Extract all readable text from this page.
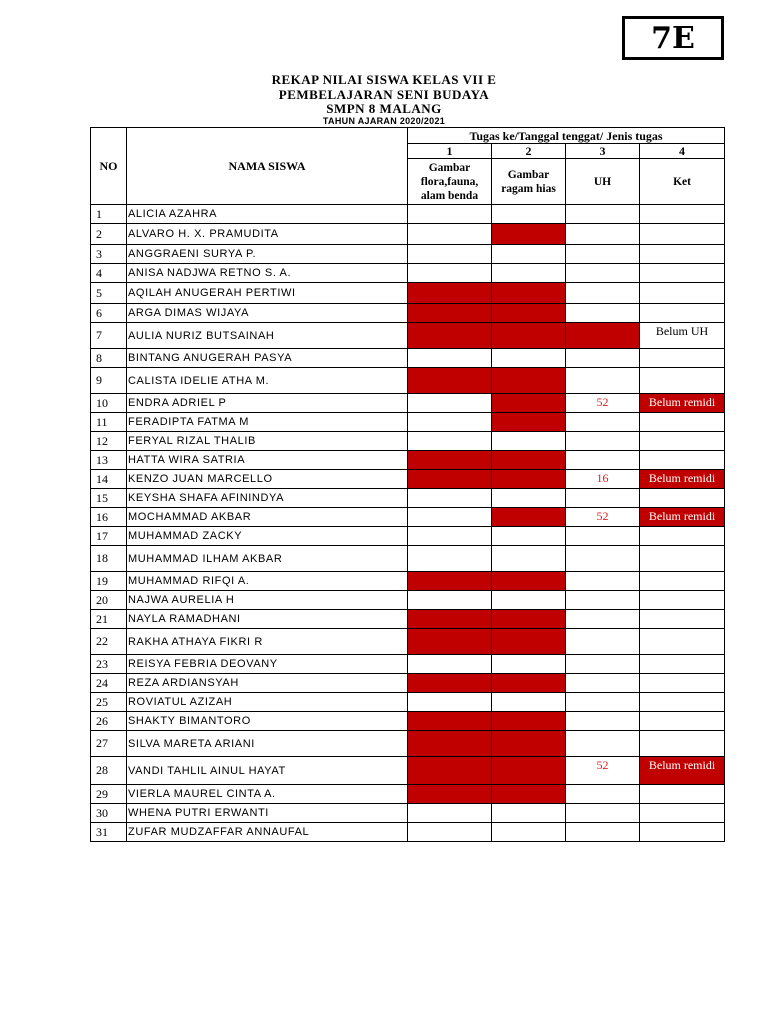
7E
REKAP NILAI SISWA KELAS VII E
PEMBELAJARAN SENI BUDAYA
SMPN 8 MALANG
TAHUN AJARAN 2020/2021
NO	NAMA SISWA	Tugas ke/Tanggal tenggat/ Jenis tugas			
		1	2	3	4
		Gambar flora,fauna, alam benda	Gambar ragam hias	UH	Ket
1	ALICIA AZAHRA				
2	ALVARO H. X. PRAMUDITA				
3	ANGGRAENI SURYA P.				
4	ANISA NADJWA RETNO S. A.				
5	AQILAH ANUGERAH PERTIWI				
6	ARGA DIMAS WIJAYA				
7	AULIA NURIZ BUTSAINAH				Belum UH
8	BINTANG ANUGERAH PASYA				
9	CALISTA IDELIE ATHA M.				
10	ENDRA ADRIEL P			52	Belum remidi
11	FERADIPTA FATMA M				
12	FERYAL RIZAL THALIB				
13	HATTA WIRA SATRIA				
14	KENZO JUAN MARCELLO			16	Belum remidi
15	KEYSHA SHAFA AFININDYA				
16	MOCHAMMAD AKBAR			52	Belum remidi
17	MUHAMMAD ZACKY				
18	MUHAMMAD ILHAM AKBAR				
19	MUHAMMAD RIFQI A.				
20	NAJWA AURELIA H				
21	NAYLA RAMADHANI				
22	RAKHA ATHAYA FIKRI R				
23	REISYA FEBRIA DEOVANY				
24	REZA ARDIANSYAH				
25	ROVIATUL AZIZAH				
26	SHAKTY BIMANTORO				
27	SILVA MARETA ARIANI				
28	VANDI TAHLIL AINUL HAYAT			52	Belum remidi
29	VIERLA MAUREL CINTA A.				
30	WHENA PUTRI ERWANTI				
31	ZUFAR MUDZAFFAR ANNAUFAL				
